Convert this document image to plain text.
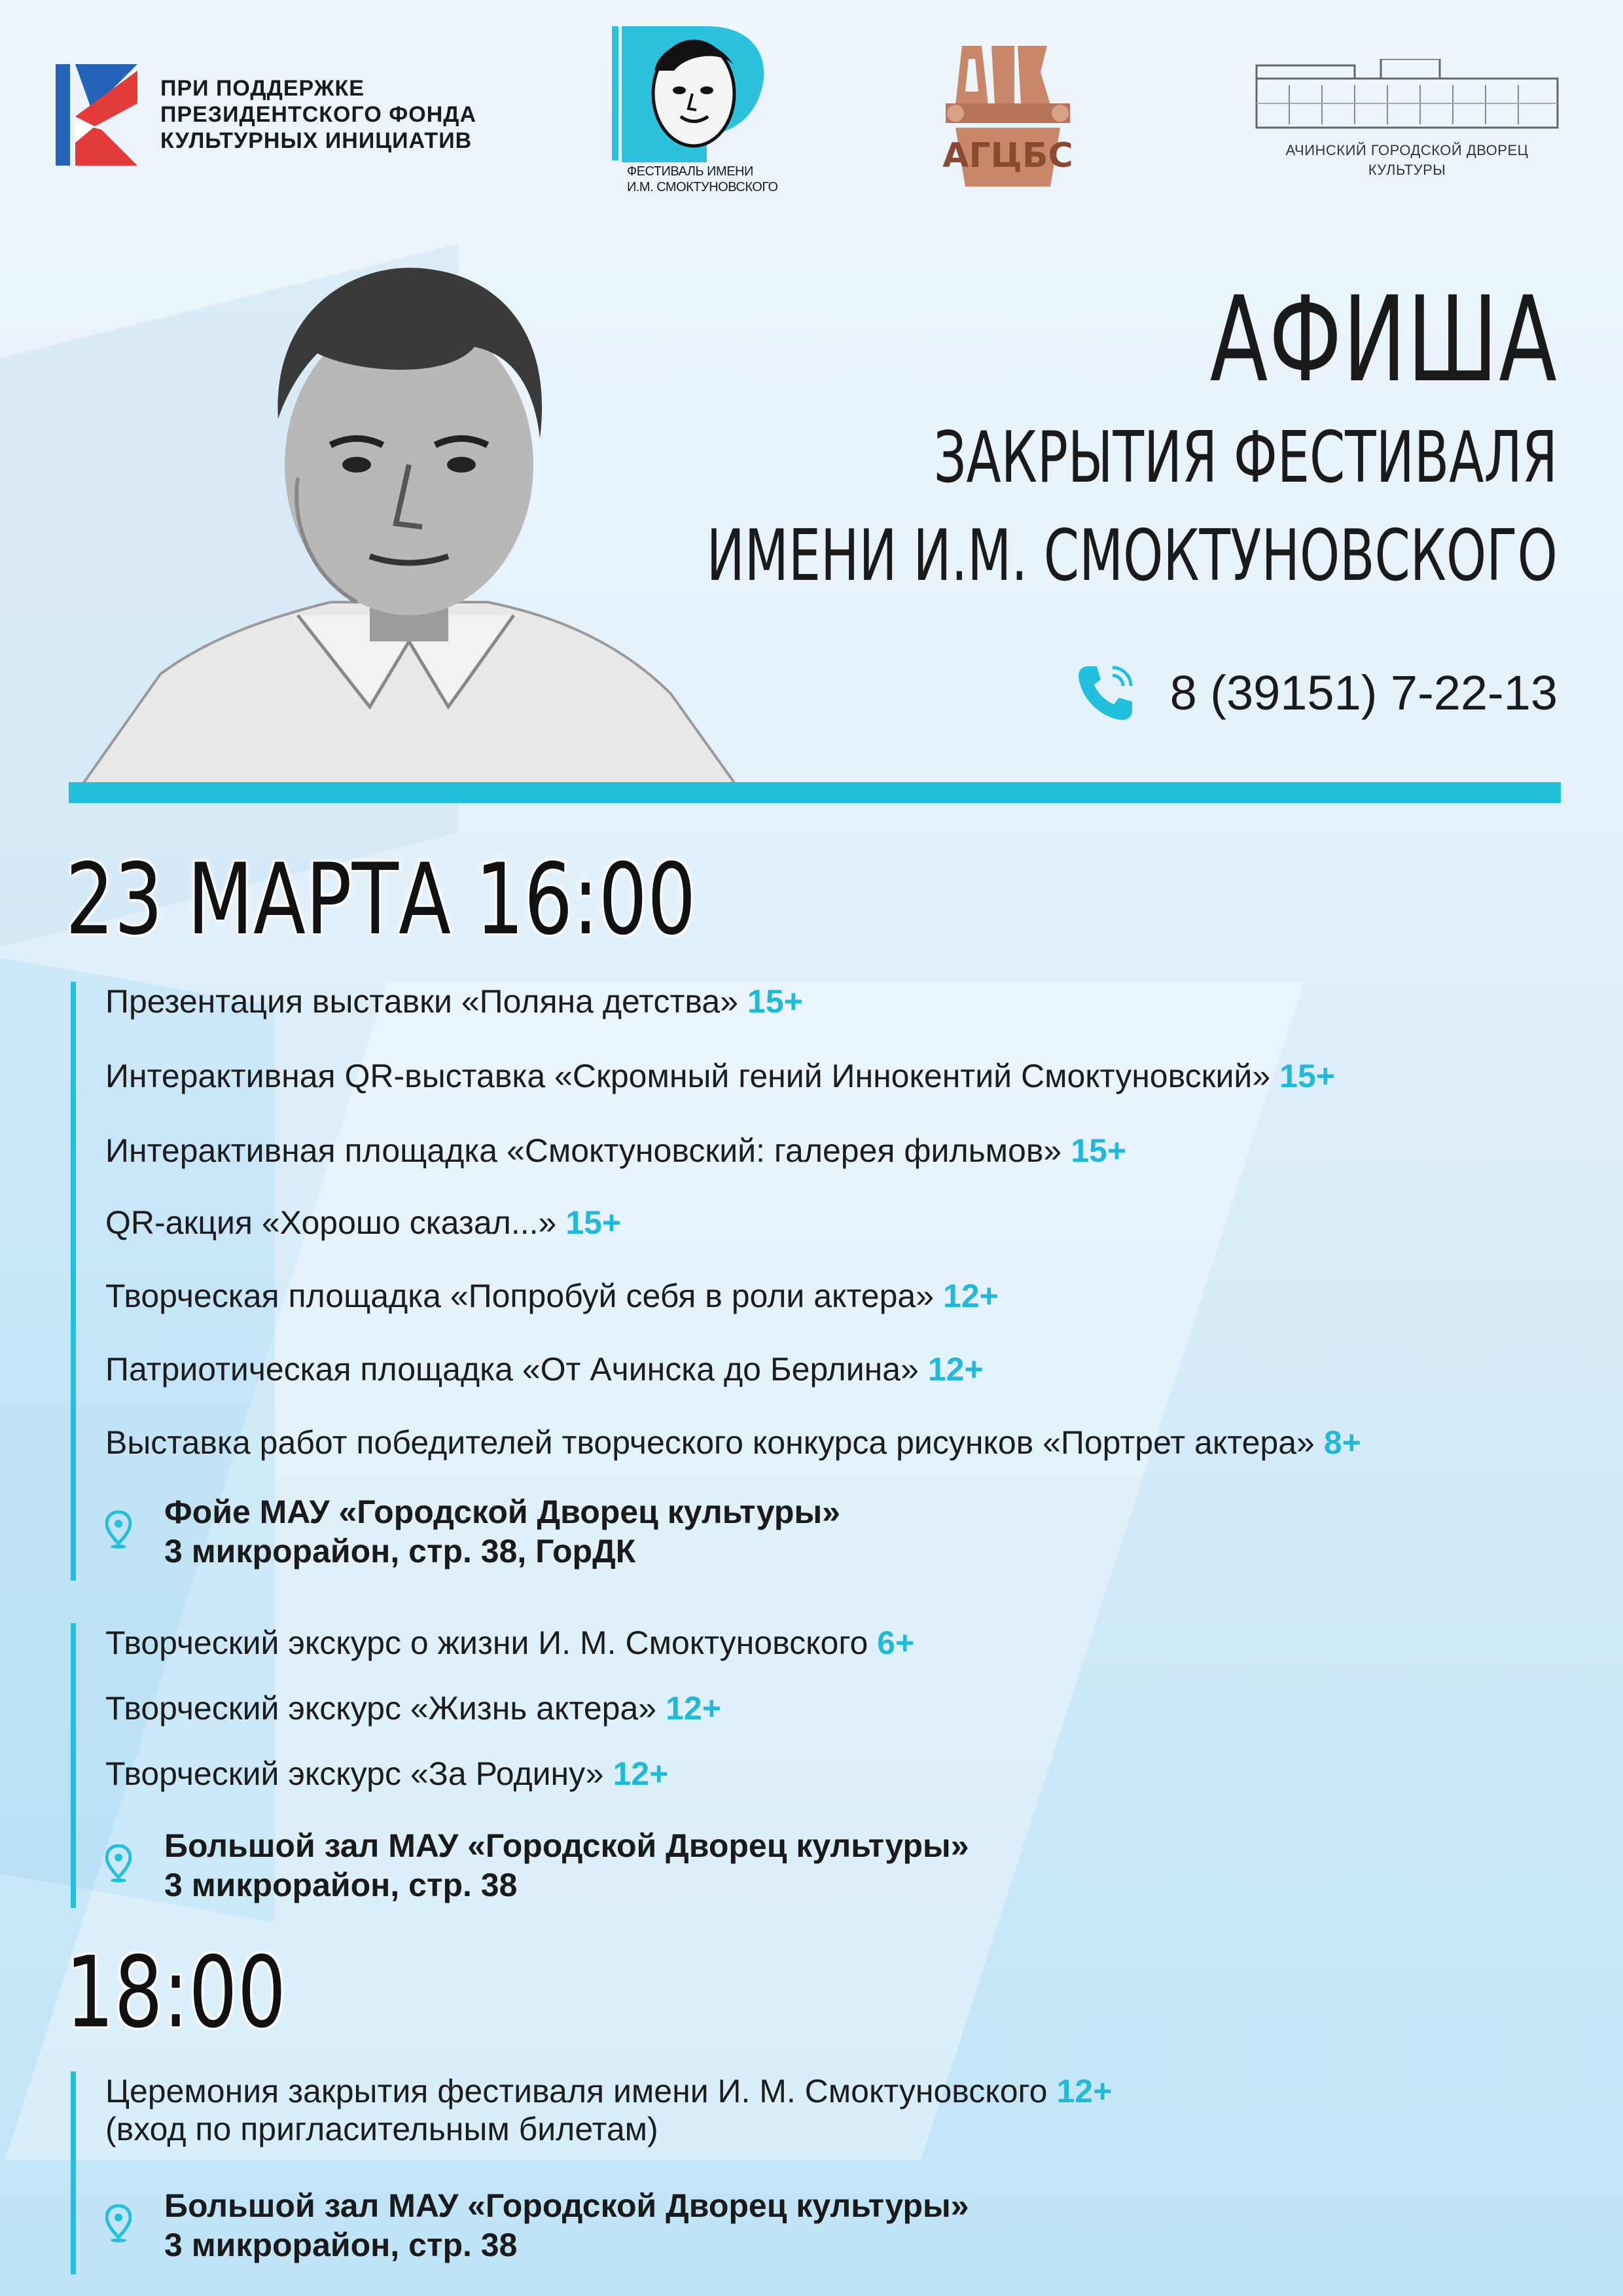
ПРИ ПОДДЕРЖКЕ
ПРЕЗИДЕНТСКОГО ФОНДА
КУЛЬТУРНЫХ ИНИЦИАТИВ
ФЕСТИВАЛЬ ИМЕНИ
И.М. СМОКТУНОВСКОГО
АГЦБС	АЧИНСКИЙ ГОРОДСКОЙ ДВОРЕЦ
КУЛЬТУРЫ
АФИША
ЗАКРЫТИЯ ФЕСТИВАЛЯ
ИМЕНИ И.М. СМОКТУНОВСКОГО
8 (39151) 7-22-13
23 МАРТА 16:00
Презентация выставки «Поляна детства» 15+
Интерактивная QR-выставка «Скромный гений Иннокентий Смоктуновский» 15+
Интерактивная площадка «Смоктуновский: галерея фильмов» 15+
QR-акция «Хорошо сказал...» 15+
Творческая площадка «Попробуй себя в роли актера» 12+
Патриотическая площадка «От Ачинска до Берлина» 12+
Выставка работ победителей творческого конкурса рисунков «Портрет актера» 8+
Фойе МАУ «Городской Дворец культуры»
3 микрорайон, стр. 38, ГорДК
Творческий экскурс о жизни И. М. Смоктуновского 6+
Творческий экскурс «Жизнь актера» 12+
Творческий экскурс «За Родину» 12+
Большой зал МАУ «Городской Дворец культуры»
3 микрорайон, стр. 38
18:00
Церемония закрытия фестиваля имени И. М. Смоктуновского 12+
(вход по пригласительным билетам)
Большой зал МАУ «Городской Дворец культуры»
3 микрорайон, стр. 38
